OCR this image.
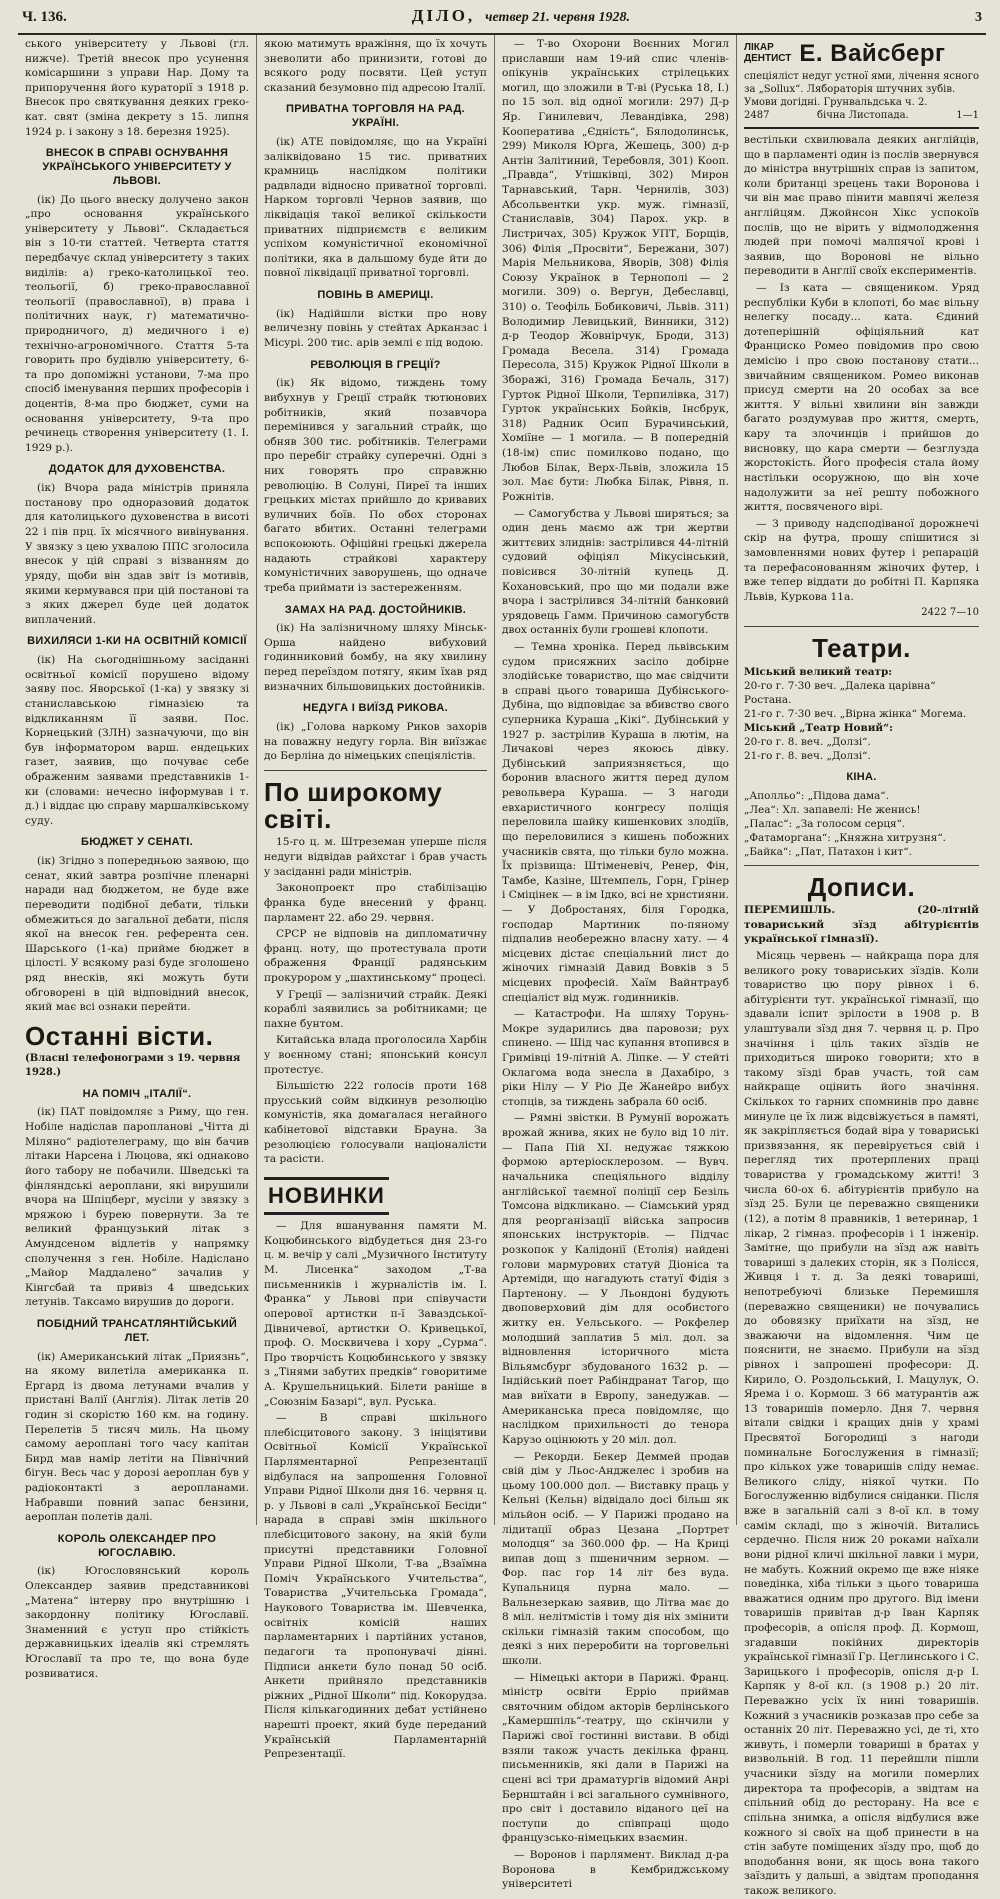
Ч. 136.	ДІЛО, четвер 21. червня 1928.	3

ського університету у Львові (гл. нижче). Третій внесок про усунення комісаршини з управи Нар. Дому та припоручення його кураторії з 1918 р. Внесок про святкування деяких греко-кат. свят (зміна декрету з 15. липня 1924 р. і закону з 18. березня 1925).

ВНЕСОК В СПРАВІ ОСНУВАННЯ УКРАЇНСЬКОГО УНІВЕРСИТЕТУ У ЛЬВОВІ.

(ік) До цього внеску долучено закон „про основання українського університету у Львові“. Складається він з 10-ти статтей. Четверта стаття передбачує склад університету з таких виділів: а) греко-католицької тео. теольогії, б) греко-православної теольогії (православної), в) права і політичних наук, г) математично-природничого, д) медичного і е) технічно-агрономічного. Стаття 5-та говорить про будівлю університету, 6-та про допоміжні установи, 7-ма про спосіб іменування перших професорів і доцентів, 8-ма про бюджет, суми на основання університету, 9-та про речинець створення університету (1. I. 1929 р.).

ДОДАТОК ДЛЯ ДУХОВЕНСТВА.

(ік) Вчора рада міністрів приняла постанову про одноразовий додаток для католицького духовенства в висоті 22 і пів прц. їх місячного вивінування. У звязку з цею ухвалою ППС зголосила внесок у цій справі з візванням до уряду, щоби він здав звіт із мотивів, якими кермувався при цій постанові та з яких джерел буде цей додаток виплачений.

ВИХИЛЯСИ 1-КИ НА ОСВІТНІЙ КОМІСІЇ

(ік) На сьогоднішньому засіданні освітньої комісії порушено відому заяву пос. Яворської (1-ка) у звязку зі станиславською гімназією та відкликанням її заяви. Пос. Корнецький (ЗЛН) зазначуючи, що він був інформатором варш. ендецьких газет, заявив, що почуває себе ображеним заявами представників 1-ки (словами: нечесно інформував і т. д.) і віддає цю справу маршалківському суду.

БЮДЖЕТ У СЕНАТІ.

(ік) Згідно з попередньою заявою, що сенат, який завтра розпічне пленарні наради над бюджетом, не буде вже переводити подібної дебати, тільки обмежиться до загальної дебати, після якої на внесок ген. референта сен. Шарського (1-ка) прийме бюджет в цілості. У всякому разі буде зголошено ряд внесків, які можуть бути обговорені в цій відповідний внесок, який має всі ознаки перейти.

Останні вісти.
(Власні телефонограми з 19. червня 1928.)
НА ПОМІЧ „ІТАЛІЇ“.

(ік) ПАТ повідомляє з Риму, що ген. Нобіле надіслав паропланові „Чітта ді Міляно“ радіотелеграму, що він бачив літаки Нарсена і Люцова, які однаково його табору не побачили. Шведські та фінляндські аероплани, які вирушили вчора на Шпіцберг, мусіли у звязку з мряжою і бурею повернути. За те великий французький літак з Амундсеном відлетів у напрямку сполучення з ген. Нобіле. Надіслано „Майор Маддалено“ зачалив у Кінгсбай та привіз 4 шведських летунів. Таксамо вирушив до дороги.

ПОБІДНИЙ ТРАНСАТЛЯНТІЙСЬКИЙ ЛЕТ.

(ік) Американський літак „Приязнь“, на якому вилетіла американка п. Ергард із двома летунами вчалив у пристані Валії (Англія). Літак летів 20 годин зі скорістю 160 км. на годину. Перелетів 5 тисяч миль. На цьому самому аероплані того часу капітан Бирд мав намір летіти на Північний бігун. Весь час у дорозі аероплан був у радіоконтакті з аеропланами. Набравши повний запас бензини, аероплан полетів далі.

КОРОЛЬ ОЛЕКСАНДЕР ПРО ЮГОСЛАВІЮ.

(ік) Югословянський король Олександер заявив представникові „Матена“ інтерву про внутрішню і закордонну політику Югославії. Знаменний є уступ про стійкість державницьких ідеалів які стремлять Югославії та про те, що вона буде розвиватися.

якою матимуть вражіння, що їх хочуть зневолити або принизити, готові до всякого роду посвяти. Цей уступ сказаний безумовно під адресою Італії.

ПРИВАТНА ТОРГОВЛЯ НА РАД. УКРАЇНІ.

(ік) АТЕ повідомляє, що на Україні заліквідовано 15 тис. приватних крамниць наслідком політики радвлади відносно приватної торговлі. Нарком торговлі Чернов заявив, що ліквідація такої великої скількости приватних підприємств є великим успіхом комуністичної економічної політики, яка в дальшому буде йти до повної ліквідації приватної торговлі.

ПОВІНЬ В АМЕРИЦІ.

(ік) Надійшли вістки про нову величезну повінь у стейтах Арканзас і Місурі. 200 тис. арів землі є під водою.

РЕВОЛЮЦІЯ В ГРЕЦІЇ?

(ік) Як відомо, тиждень тому вибухнув у Греції страйк тютюнових робітників, який позавчора перемінився у загальний страйк, що обняв 300 тис. робітників. Телеграми про перебіг страйку суперечні. Одні з них говорять про справжню революцію. В Солуні, Пиреї та інших грецьких містах прийшло до кривавих вуличних боїв. По обох сторонах багато вбитих. Останні телеграми вспокоюють. Офіційні грецькі джерела надають страйкові характеру комуністичних заворушень, що одначе треба приймати із застереженням.

ЗАМАХ НА РАД. ДОСТОЙНИКІВ.

(ік) На залізничному шляху Мінськ-Орша найдено вибуховий годинниковий бомбу, на яку хвилину перед переїздом потягу, яким їхав ряд визначних більшовицьких достойників.

НЕДУГА І ВИЇЗД РИКОВА.

(ік) „Голова наркому Риков захорів на поважну недугу горла. Він виїзжає до Берліна до німецьких спеціялістів.

По широкому світі.

15-го ц. м. Штреземан уперше після недуги відвідав райхстаг і брав участь у засіданні ради міністрів.

Законопроект про стабілізацію франка буде внесений у франц. парламент 22. або 29. червня.

СРСР не відповів на дипломатичну франц. ноту, що протестувала проти ображення Франції радянським прокурором у „шахтинському“ процесі.

У Греції — залізничий страйк. Деякі кораблі заявились за робітниками; це пахне бунтом.

Китайська влада проголосила Харбін у воєнному стані; японський консул протестує.

Більшістю 222 голосів проти 168 прусський сойм відкинув резолюцію комуністів, яка домагалася негайного кабінетової відставки Брауна. За резолюцією голосували націоналісти та расісти.

НОВИНКИ

— Для вшанування памяти М. Коцюбинського відбудеться дня 23-го ц. м. вечір у салі „Музичного Інституту М. Лисенка“ заходом „Т-ва письменників і журналістів ім. І. Франка“ у Львові при співучасти оперової артистки п-ї Заваздської-Дівничевої, артистки О. Кривецької, проф. О. Москвичева і хору „Сурма“. Про творчість Коцюбинського у звязку з „Тінями забутих предків“ говоритиме А. Крушельницький. Білети раніше в „Союзнім Базарі“, вул. Руська.

— В справі шкільного плебісцитового закону. З ініціятиви Освітньої Комісії Української Парляментарної Репрезентації відбулася на запрошення Головної Управи Рідної Школи дня 16. червня ц. р. у Львові в салі „Української Бесіди“ нарада в справі змін шкільного плебісцитового закону, на якій були присутні представники Головної Управи Рідної Школи, Т-ва „Взаїмна Поміч Українського Учительства“, Товариства „Учительська Громада“, Наукового Товариства ім. Шевченка, освітніх комісій наших парламентарних і партійних установ, педагоги та пропонувачі дінні. Підписи анкети було понад 50 осіб. Анкети прийняло представників ріжних „Рідної Школи“ під. Кокорудза. Після кількагодинних дебат устійнено нарешті проект, який буде переданий Українській Парламентарній Репрезентації.

— Т-во Охорони Воєнних Могил приславши нам 19-ий спис членів-опікунів українських стрілецьких могил, що зложили в Т-ві (Руська 18, І.) по 15 зол. від одної могили: 297) Д-р Яр. Гинилевич, Левандівка, 298) Кооператива „Єдність“, Бялодолинськ, 299) Миколя Юрга, Жешець, 300) д-р Антін Залітиний, Теребовля, 301) Кооп. „Правда“, Утішківці, 302) Мирон Тарнавський, Тарн. Чернилів, 303) Абсольвентки укр. муж. гімназії, Станиславів, 304) Парох. укр. в Листричах, 305) Кружок УПТ, Борщів, 306) Філія „Просвіти“, Бережани, 307) Марія Мельникова, Яворів, 308) Філія Союзу Українок в Тернополі — 2 могили. 309) о. Вергун, Дебеславці, 310) о. Теофіль Бобиковичі, Львів. 311) Володимир Левицький, Винники, 312) д-р Теодор Жовнірчук, Броди, 313) Громада Весела. 314) Громада Пересола, 315) Кружок Рідної Школи в Зборажі, 316) Громада Бечаль, 317) Гурток Рідної Школи, Терпилівка, 317) Гурток українських Бойків, Інсбрук, 318) Радник Осип Бурачинський, Хоміїне — 1 могила. — В попередній (18-ім) спис помилково подано, що Любов Білак, Верх-Львів, зложила 15 зол. Має бути: Любка Білак, Рівня, п. Рожнітів.

— Самогубства у Львові ширяться; за один день маємо аж три жертви життєвих злиднів: застрілився 44-літній судовий офіціял Мікусінський, повісився 30-літній купець Д. Кохановський, про що ми подали вже вчора і застрілився 34-літній банковий урядовець Гамм. Причиною самогубств двох останніх були грошеві клопоти.

— Темна хроніка. Перед львівським судом присяжних засіло добірне злодійське товариство, що має свідчити в справі цього товариша Дубінського-Дубіна, що відповідає за вбивство свого суперника Кураша „Кікі“. Дубінський у 1927 р. застрілив Кураша в лютім, на Личакові через якоюсь дівку. Дубінський заприязняється, що боронив власного життя перед дулом револьвера Кураша. — З нагоди евхаристичного конгресу поліція переловила шайку кишенкових злодіїв, що переловилися з кишень побожних учасників свята, що тільки було можна. Їх прізвища: Штіменевіч, Ренер, Фін, Тамбе, Казіне, Штемпель, Горн, Грінер і Сміцінек — в ім Ідко, всі не християни. — У Добростанях, біля Городка, господар Мартиник по-пяному підпалив необережно власну хату. — 4 місцевих дістає спеціальний лист до жіночих гімназій Давид Вовків з 5 місцевих професій. Хаїм Вайнтрауб спеціаліст від муж. годинників.

— Катастрофи. На шляху Торунь-Мокре зударились два паровози; рух спинено. — Шід час купання втопився в Гримівці 19-літній А. Ліпке. — У стейті Оклагома вода знесла в Дахабіро, з ріки Нілу — У Ріо Де Жанейро вибух стопців, за тиждень забрала 60 осіб.

— Рямні звістки. В Румунії ворожать врожай жнива, яких не було від 10 літ. — Папа Пій XI. недужає тяжкою формою артеріосклерозом. — Вувч. начальника спеціяльного відділу англійської таємної поліції сер Безіль Томсона відкликано. — Сіамський уряд для реорганізації війська запросив японських інструкторів. — Підчас розкопок у Калідонії (Етолія) найдені голови мармурових статуй Діоніса та Артеміди, що нагадують статуї Фідія з Партенону. — У Льондоні будують двоповерховий дім для особистого житку ен. Уельського. — Рокфелер молодший заплатив 5 міл. дол. за відновлення історичного міста Вільямсбург збудованого 1632 р. — Індійський поет Рабіндранат Тагор, що мав виїхати в Европу, занедужав. — Американська преса повідомляє, що наслідком прихильності до тенора Карузо оцінюють у 20 міл. дол.

— Рекорди. Бекер Деммей продав свій дім у Льос-Анджелес і зробив на цьому 100.000 дол. — Виставку праць у Кельні (Кельн) відвідало досі більш як мільйон осіб. — У Парижі продано на лідитації образ Цезана „Портрет молодця“ за 360.000 фр. — На Криці випав дощ з пшеничним зерном. — Фор. пас гор 14 літ без вуда. Купальниця пурна мало. — Вальнезеркаю заявив, що Літва має до 8 міл. нелітмістів і тому дія ніх змінити скільки гімназій таким способом, що деякі з них переробити на торговельні школи.

— Німецькі актори в Парижі. Франц. міністр освіти Ерріо приймав святочним обідом акторів берлінського „Камершпіль“-театру, що скінчили у Парижі свої гостинні вистави. В обіді взяли також участь декілька франц. письменників, які дали в Парижі на сцені всі три драматургів відомий Анрі Бернштайн і всі загального сумнівного, про світ і доставило віданого цеї на поступи до співпраці щодо французсько-німецьких взаємин.

— Воронов і парлямент. Виклад д-ра Воронова в Кембриджському університеті

ЛІКАР
ДЕНТИСТ Е. Вайсберг
спеціяліст недуг устної ями, лічення ясного за „Sollux“. Лябораторія штучних зубів. Умови догідні. Грунвальдська ч. 2.
2487	бічна Листопада.	1—1

вестільки схвилювала деяких англійців, що в парламенті один із послів звернувся до міністра внутрішніх справ із запитом, коли британці зрецень таки Воронова і чи він має право пінити мавпячі железя англійцям. Джойнсон Хікс успокоїв послів, що не вірить у відмолодження людей при помочі малпячої крові і заявив, що Воронові не вільно переводити в Англії своїх експериментів.

— Із ката — священиком. Уряд республіки Куби в клопоті, бо має вільну нелегку посаду... ката. Єдиний дотеперішній офіціяльний кат Франциско Ромео повідомив про свою демісію і про свою постанову стати... звичайним священиком. Ромео виконав присуд смерти на 20 особах за все життя. У вільні хвилини він завжди багато роздумував про життя, смерть, кару та злочинців і прийшов до висновку, що кара смерти — безглузда жорстокість. Його професія стала йому настільки осоружною, що він хоче надолужити за неї решту побожного життя, посвяченого вірі.

— З приводу надсподіваної дорожнечі скір на футра, прошу спішитися зі замовленнями нових футер і репарацій та перефасонованням жіночих футер, і вже тепер віддати до робітні П. Карпяка Львів, Куркова 11а.

2422 7—10
Театри.
Міський великий театр:
20-го г. 7·30 веч. „Далека царівна“ Ростана.
21-го г. 7·30 веч. „Вірна жінка“ Могема.
Міський „Театр Новий“:
20-го г. 8. веч. „Долзі“.
21-го г. 8. веч. „Долзі“.
КІНА.
„Аполльо“: „Підова дама“.
„Леа“: Хл. запавелі: Не женись!
„Палас“: „За голосом серця“.
„Фатаморгана“: „Княжна хитрузня“.
„Байка“: „Пат, Патахон і кит“.
Дописи.

ПЕРЕМИШЛЬ. (20-літній товариський зїзд абітурієнтів української гімназії).

Місяць червень — найкраща пора для великого року товариських зїздів. Коли товариство цю пору рівнох і 6. абітурієнти тут. української гімназії, що здавали іспит зрілости в 1908 р. В улаштували зїзд дня 7. червня ц. р. Про значіння і ціль таких зїздів не приходиться широко говорити; хто в такому зїзді брав участь, той сам найкраще оцінить його значіння. Скількох то гарних спомнинів про давнє минуле це їх лиж відсвіжується в памяті, як закріпляється бодай віра у товариські призвязання, як перевірується свій і перегляд тих протерплених праці товариства у громадському житті! З числа 60-ох 6. абітурієнтів прибуло на зїзд 25. Були це переважно священики (12), а потім 8 правників, 1 ветеринар, 1 лікар, 2 гімназ. професорів і 1 інженір. Замітне, що прибули на зїзд аж навіть товариші з далеких сторін, як з Полісся, Живця і т. д. За деякі товариші, непотребуючі близьке Перемишля (переважно священики) не почувались до обовязку приїхати на зїзд, не зважаючи на відомлення. Чим це пояснити, не знаємо. Прибули на зїзд рівнох і запрошені професори: Д. Кирило, О. Роздольський, І. Мацулук, О. Ярема і о. Кормош. З 66 матурантів аж 13 товаришів померло. Дня 7. червня вітали свідки і кращих днів у храмі Пресвятої Богородиці з нагоди поминальне Богослужения в гімназії; про кількох уже товаришів сліду немає. Великого сліду, ніякої чутки. По Богослуженню відбулися сніданки. Після вже в загальній салі з 8-ої кл. в тому самім складі, що з жіночій. Витались сердечно. Після ниж 20 роками наїхали вони рідної кличі шкільної лавки і мури, не мабуть. Кожний окремо ще вже ніяке поведінка, хіба тільки з цього товариша вважатися одним про другого. Від імени товаришів привітав д-р Іван Карпяк професорів, а опісля проф. Д. Кормош, згадавши покійних директорів української гімназії Гр. Цеглинського і С. Зарицького і професорів, опісля д-р І. Карпяк у 8-ої кл. (з 1908 р.) 20 літ. Переважно усіх їх нині товаришів. Кожний з учасників розказав про себе за останніх 20 літ. Переважно усі, де ті, хто живуть, і померли товариші в братах у визвольній. В год. 11 перейшли пішли учасники зїзду на могили померлих директора та професорів, а звідтам на спільний обід до ресторану. На все є спільна знимка, а опісля відбулися вже кожного зі своїх на щоб принести в на стін забуте поміщених зїзду про, щоб до вподобання вони, як щось вона такого заїздить у дальші, а звідтам проподання також великого.
